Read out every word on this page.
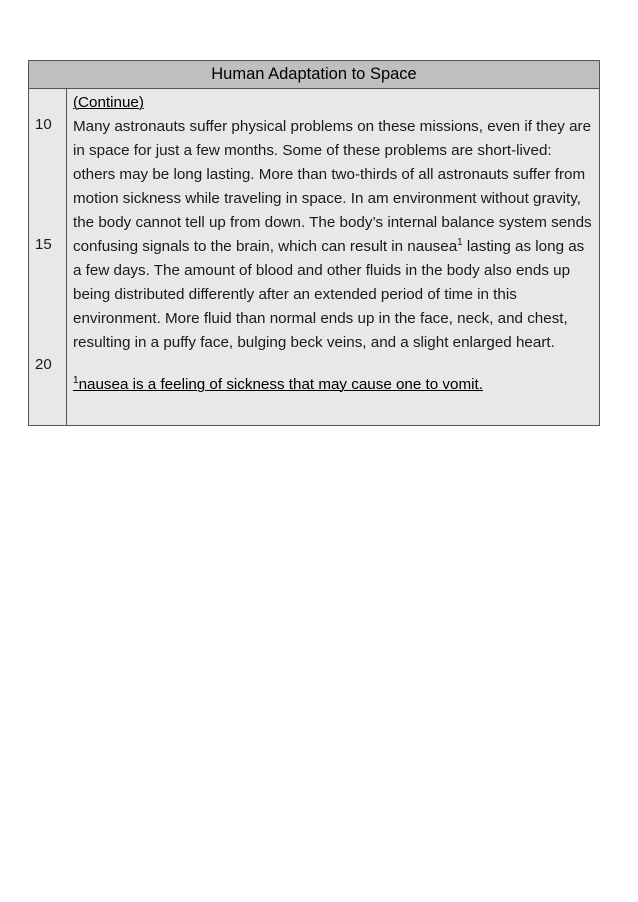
Human Adaptation to Space

10
15
20

(Continue)

Many astronauts suffer physical problems on these missions, even if they are in space for just a few months. Some of these problems are short-lived: others may be long lasting. More than two-thirds of all astronauts suffer from motion sickness while traveling in space. In am environment without gravity, the body cannot tell up from down. The body’s internal balance system sends confusing signals to the brain, which can result in nausea$^1$ lasting as long as a few days. The amount of blood and other fluids in the body also ends up being distributed differently after an extended period of time in this environment. More fluid than normal ends up in the face, neck, and chest, resulting in a puffy face, bulging beck veins, and a slight enlarged heart.

$^1$nausea is a feeling of sickness that may cause one to vomit.
